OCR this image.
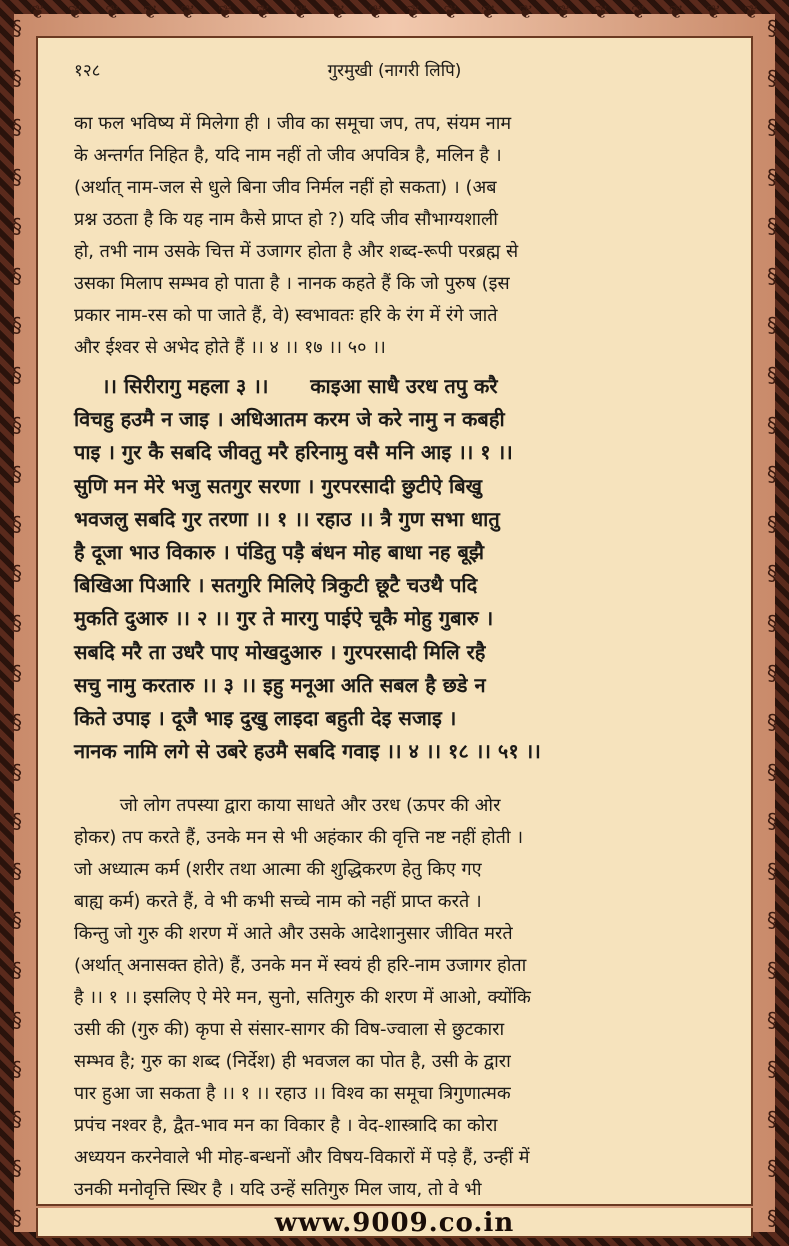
❦ ❦ ❦ ❦ ❦ ❦ ❦ ❦ ❦ ❦ ❦ ❦ ❦ ❦ ❦ ❦ ❦ ❦ ❦ ❦
§
§
§
§
§
§
§
§
§
§
§
§
§
§
§
§
§
§
§
§
§
§
§
§
§
§
§
§
§
§
§
§
§
§
§
§
§
§
§
§
§
§
§
§
§
§
§
§
§
§
१२८	गुरमुखी (नागरी लिपि)
का फल भविष्य में मिलेगा ही । जीव का समूचा जप, तप, संयम नाम
के अन्तर्गत निहित है, यदि नाम नहीं तो जीव अपवित्र है, मलिन है ।
(अर्थात् नाम-जल से धुले बिना जीव निर्मल नहीं हो सकता) । (अब
प्रश्न उठता है कि यह नाम कैसे प्राप्त हो ?) यदि जीव सौभाग्यशाली
हो, तभी नाम उसके चित्त में उजागर होता है और शब्द-रूपी परब्रह्म से
उसका मिलाप सम्भव हो पाता है । नानक कहते हैं कि जो पुरुष (इस
प्रकार नाम-रस को पा जाते हैं, वे) स्वभावतः हरि के रंग में रंगे जाते
और ईश्वर से अभेद होते हैं ।। ४ ।। १७ ।। ५० ।।
।। सिरीरागु महला ३ ।।      काइआ साधै उरध तपु करै
विचहु हउमै न जाइ । अधिआतम करम जे करे नामु न कबही
पाइ । गुर कै सबदि जीवतु मरै हरिनामु वसै मनि आइ ।। १ ।।
सुणि मन मेरे भजु सतगुर सरणा । गुरपरसादी छुटीऐ बिखु
भवजलु सबदि गुर तरणा ।। १ ।। रहाउ ।। त्रै गुण सभा धातु
है दूजा भाउ विकारु । पंडितु पड़ै बंधन मोह बाधा नह बूझै
बिखिआ पिआरि । सतगुरि मिलिऐ त्रिकुटी छूटै चउथै पदि
मुकति दुआरु ।। २ ।। गुर ते मारगु पाईऐ चूकै मोहु गुबारु ।
सबदि मरै ता उधरै पाए मोखदुआरु । गुरपरसादी मिलि रहै
सचु नामु करतारु ।। ३ ।। इहु मनूआ अति सबल है छडे न
किते उपाइ । दूजै भाइ दुखु लाइदा बहुती देइ सजाइ ।
नानक नामि लगे से उबरे हउमै सबदि गवाइ ।। ४ ।। १८ ।। ५१ ।।
जो लोग तपस्या द्वारा काया साधते और उरध (ऊपर की ओर
होकर) तप करते हैं, उनके मन से भी अहंकार की वृत्ति नष्ट नहीं होती ।
जो अध्यात्म कर्म (शरीर तथा आत्मा की शुद्धिकरण हेतु किए गए
बाह्य कर्म) करते हैं, वे भी कभी सच्चे नाम को नहीं प्राप्त करते ।
किन्तु जो गुरु की शरण में आते और उसके आदेशानुसार जीवित मरते
(अर्थात् अनासक्त होते) हैं, उनके मन में स्वयं ही हरि-नाम उजागर होता
है ।। १ ।। इसलिए ऐ मेरे मन, सुनो, सतिगुरु की शरण में आओ, क्योंकि
उसी की (गुरु की) कृपा से संसार-सागर की विष-ज्वाला से छुटकारा
सम्भव है; गुरु का शब्द (निर्देश) ही भवजल का पोत है, उसी के द्वारा
पार हुआ जा सकता है ।। १ ।। रहाउ ।। विश्व का समूचा त्रिगुणात्मक
प्रपंच नश्वर है, द्वैत-भाव मन का विकार है । वेद-शास्त्रादि का कोरा
अध्ययन करनेवाले भी मोह-बन्धनों और विषय-विकारों में पड़े हैं, उन्हीं में
उनकी मनोवृत्ति स्थिर है । यदि उन्हें सतिगुरु मिल जाय, तो वे भी
www.9009.co.in
